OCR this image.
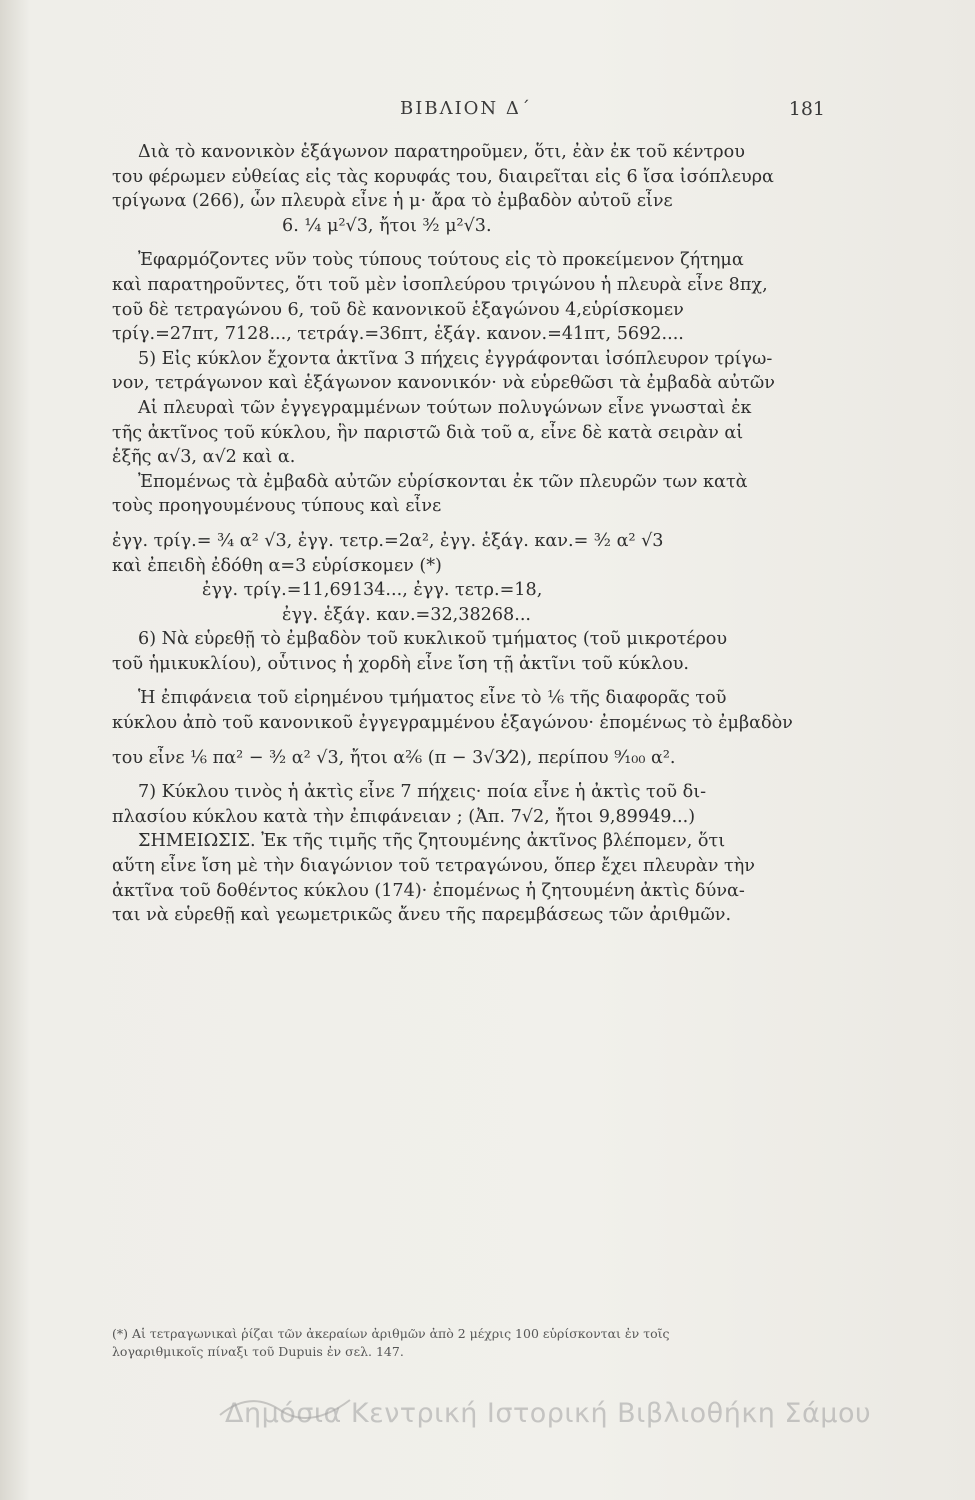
ΒΙΒΛΙΟΝ Δ΄	181
Διὰ τὸ κανονικὸν ἑξάγωνον παρατηροῦμεν, ὅτι, ἐὰν ἐκ τοῦ κέντρου
του φέρωμεν εὐθείας εἰς τὰς κορυφάς του, διαιρεῖται εἰς 6 ἴσα ἰσόπλευρα
τρίγωνα (266), ὧν πλευρὰ εἶνε ἡ μ· ἄρα τὸ ἐμβαδὸν αὐτοῦ εἶνε
6. ¼ μ²√3, ἤτοι ³⁄₂ μ²√3.
Ἐφαρμόζοντες νῦν τοὺς τύπους τούτους εἰς τὸ προκείμενον ζήτημα
καὶ παρατηροῦντες, ὅτι τοῦ μὲν ἰσοπλεύρου τριγώνου ἡ πλευρὰ εἶνε 8πχ,
τοῦ δὲ τετραγώνου 6, τοῦ δὲ κανονικοῦ ἑξαγώνου 4,εὑρίσκομεν
τρίγ.=27πτ, 7128..., τετράγ.=36πτ, ἑξάγ. κανον.=41πτ, 5692....
5) Εἰς κύκλον ἔχοντα ἀκτῖνα 3 πήχεις ἐγγράφονται ἰσόπλευρον τρίγω-
νον, τετράγωνον καὶ ἑξάγωνον κανονικόν· νὰ εὑρεθῶσι τὰ ἐμβαδὰ αὐτῶν
Αἱ πλευραὶ τῶν ἐγγεγραμμένων τούτων πολυγώνων εἶνε γνωσταὶ ἐκ
τῆς ἀκτῖνος τοῦ κύκλου, ἣν παριστῶ διὰ τοῦ α, εἶνε δὲ κατὰ σειρὰν αἱ
ἑξῆς α√3, α√2 καὶ α.
Ἐπομένως τὰ ἐμβαδὰ αὐτῶν εὑρίσκονται ἐκ τῶν πλευρῶν των κατὰ
τοὺς προηγουμένους τύπους καὶ εἶνε
ἐγγ. τρίγ.= ¾ α² √3, ἐγγ. τετρ.=2α², ἐγγ. ἑξάγ. καν.= ³⁄₂ α² √3
καὶ ἐπειδὴ ἐδόθη α=3 εὑρίσκομεν (*)
ἐγγ. τρίγ.=11,69134..., ἐγγ. τετρ.=18,
ἐγγ. ἑξάγ. καν.=32,38268...
6) Νὰ εὑρεθῇ τὸ ἐμβαδὸν τοῦ κυκλικοῦ τμήματος (τοῦ μικροτέρου
τοῦ ἡμικυκλίου), οὗτινος ἡ χορδὴ εἶνε ἴση τῇ ἀκτῖνι τοῦ κύκλου.
Ἡ ἐπιφάνεια τοῦ εἰρημένου τμήματος εἶνε τὸ ⅙ τῆς διαφορᾶς τοῦ
κύκλου ἀπὸ τοῦ κανονικοῦ ἐγγεγραμμένου ἑξαγώνου· ἐπομένως τὸ ἐμβαδὸν
του εἶνε ⅙ πα² − ³⁄₂ α² √3, ἤτοι α²⁄₆ (π − 3√3⁄2), περίπου ⁹⁄₁₀₀ α².
7) Κύκλου τινὸς ἡ ἀκτὶς εἶνε 7 πήχεις· ποία εἶνε ἡ ἀκτὶς τοῦ δι-
πλασίου κύκλου κατὰ τὴν ἐπιφάνειαν ; (Ἀπ. 7√2, ἤτοι 9,89949...)
ΣΗΜΕΙΩΣΙΣ. Ἐκ τῆς τιμῆς τῆς ζητουμένης ἀκτῖνος βλέπομεν, ὅτι
αὕτη εἶνε ἴση μὲ τὴν διαγώνιον τοῦ τετραγώνου, ὅπερ ἔχει πλευρὰν τὴν
ἀκτῖνα τοῦ δοθέντος κύκλου (174)· ἐπομένως ἡ ζητουμένη ἀκτὶς δύνα-
ται νὰ εὑρεθῇ καὶ γεωμετρικῶς ἄνευ τῆς παρεμβάσεως τῶν ἀριθμῶν.
(*) Αἱ τετραγωνικαὶ ῥίζαι τῶν ἀκεραίων ἀριθμῶν ἀπὸ 2 μέχρις 100 εὑρίσκονται ἐν τοῖς
λογαριθμικοῖς πίναξι τοῦ Dupuis ἐν σελ. 147.
Δημόσια Κεντρική Ιστορική Βιβλιοθήκη Σάμου
